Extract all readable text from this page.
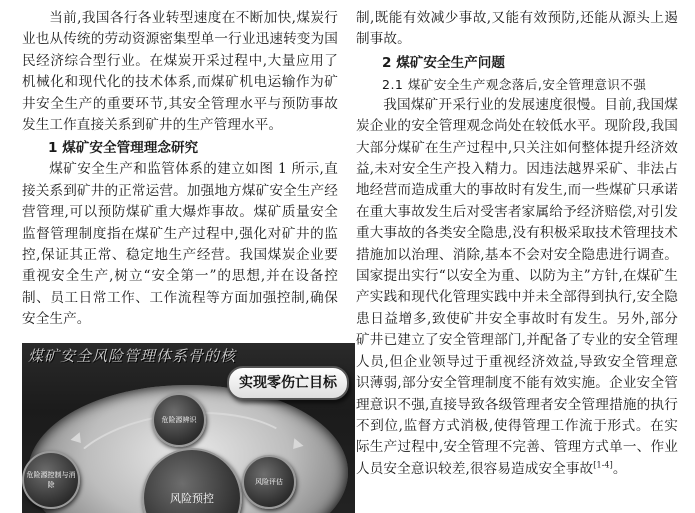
当前,我国各行各业转型速度在不断加快,煤炭行业也从传统的劳动资源密集型单一行业迅速转变为国民经济综合型行业。在煤炭开采过程中,大量应用了机械化和现代化的技术体系,而煤矿机电运输作为矿井安全生产的重要环节,其安全管理水平与预防事故发生工作直接关系到矿井的生产管理水平。

1 煤矿安全管理理念研究

煤矿安全生产和监管体系的建立如图 1 所示,直接关系到矿井的正常运营。加强地方煤矿安全生产经营管理,可以预防煤矿重大爆炸事故。煤矿质量安全监督管理制度指在煤矿生产过程中,强化对矿井的监控,保证其正常、稳定地生产经营。我国煤炭企业要重视安全生产,树立“安全第一”的思想,并在设备控制、员工日常工作、工作流程等方面加强控制,确保安全生产。

煤矿安全风险管理体系骨的核
实现零伤亡目标
危险源辨识
风险预控
风险评估
危险源控制与消除

制,既能有效减少事故,又能有效预防,还能从源头上遏制事故。

2 煤矿安全生产问题
2.1 煤矿安全生产观念落后,安全管理意识不强

我国煤矿开采行业的发展速度很慢。目前,我国煤炭企业的安全管理观念尚处在较低水平。现阶段,我国大部分煤矿在生产过程中,只关注如何整体提升经济效益,未对安全生产投入精力。因违法越界采矿、非法占地经营而造成重大的事故时有发生,而一些煤矿只承诺在重大事故发生后对受害者家属给予经济赔偿,对引发重大事故的各类安全隐患,没有积极采取技术管理技术措施加以治理、消除,基本不会对安全隐患进行调查。国家提出实行“以安全为重、以防为主”方针,在煤矿生产实践和现代化管理实践中并未全部得到执行,安全隐患日益增多,致使矿井安全事故时有发生。另外,部分矿井已建立了安全管理部门,并配备了专业的安全管理人员,但企业领导过于重视经济效益,导致安全管理意识薄弱,部分安全管理制度不能有效实施。企业安全管理意识不强,直接导致各级管理者安全管理措施的执行不到位,监督方式消极,使得管理工作流于形式。在实际生产过程中,安全管理不完善、管理方式单一、作业人员安全意识较差,很容易造成安全事故[1-4]。
